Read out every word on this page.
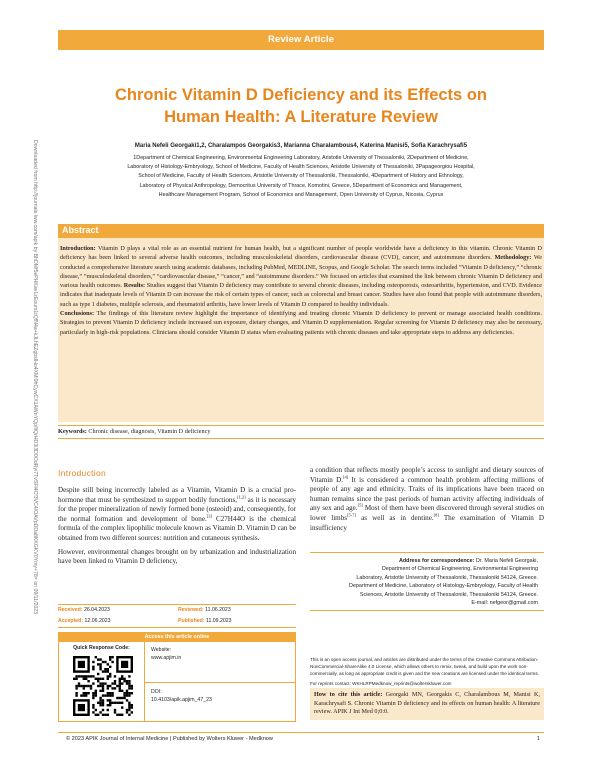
Downloaded from http://journals.lww.com/apik by BhDMf5ePHKav1zEoum1tQfN4a+kJLhEZgbsIHo4XMi0hCywCX1AWnYQp/IlQrHD3i3D0OdRyi7TvSFl4Cf3VC4/OAVpDDa8KKGKV0Ymy+78= on 09/11/2023
Review Article
Chronic Vitamin D Deficiency and its Effects on
Human Health: A Literature Review
Maria Nefeli Georgaki1,2, Charalampos Georgakis3, Marianna Charalambous4, Katerina Manisi5, Sofia Karachrysafi5
1Department of Chemical Engineering, Environmental Engineering Laboratory, Aristotle University of Thessaloniki, 2Department of Medicine,
Laboratory of Histology-Embryology, School of Medicine, Faculty of Health Sciences, Aristotle University of Thessaloniki, 3Papageorgiou Hospital,
School of Medicine, Faculty of Health Sciences, Aristotle University of Thessaloniki, Thessaloniki, 4Department of History and Ethnology,
Laboratory of Physical Anthropology, Democritus University of Thrace, Komotini, Greece, 5Department of Economics and Management,
Healthcare Management Program, School of Economics and Management, Open University of Cyprus, Nicosia, Cyprus
Abstract
Introduction: Vitamin D plays a vital role as an essential nutrient for human health, but a significant number of people worldwide have a deficiency in this vitamin. Chronic Vitamin D deficiency has been linked to several adverse health outcomes, including musculoskeletal disorders, cardiovascular disease (CVD), cancer, and autoimmune disorders. Methodology: We conducted a comprehensive literature search using academic databases, including PubMed, MEDLINE, Scopus, and Google Scholar. The search terms included “Vitamin D deficiency,” “chronic disease,” “musculoskeletal disorders,” “cardiovascular disease,” “cancer,” and “autoimmune disorders.” We focused on articles that examined the link between chronic Vitamin D deficiency and various health outcomes. Results: Studies suggest that Vitamin D deficiency may contribute to several chronic diseases, including osteoporosis, osteoarthritis, hypertension, and CVD. Evidence indicates that inadequate levels of Vitamin D can increase the risk of certain types of cancer, such as colorectal and breast cancer. Studies have also found that people with autoimmune disorders, such as type 1 diabetes, multiple sclerosis, and rheumatoid arthritis, have lower levels of Vitamin D compared to healthy individuals.
Conclusions: The findings of this literature review highlight the importance of identifying and treating chronic Vitamin D deficiency to prevent or manage associated health conditions. Strategies to prevent Vitamin D deficiency include increased sun exposure, dietary changes, and Vitamin D supplementation. Regular screening for Vitamin D deficiency may also be necessary, particularly in high-risk populations. Clinicians should consider Vitamin D status when evaluating patients with chronic diseases and take appropriate steps to address any deficiencies.
Keywords: Chronic disease, diagnosis, Vitamin D deficiency
Introduction

Despite still being incorrectly labeled as a Vitamin, Vitamin D is a crucial pro-hormone that must be synthesized to support bodily functions,[1,2] as it is necessary for the proper mineralization of newly formed bone (osteoid) and, consequently, for the normal formation and development of bone.[3] C27H44O is the chemical formula of the complex lipophilic molecule known as Vitamin D. Vitamin D can be obtained from two different sources: nutrition and cutaneous synthesis.

However, environmental changes brought on by urbanization and industrialization have been linked to Vitamin D deficiency,

a condition that reflects mostly people’s access to sunlight and dietary sources of Vitamin D.[4] It is considered a common health problem affecting millions of people of any age and ethnicity. Traits of its implications have been traced on human remains since the past periods of human activity affecting individuals of any sex and age.[5] Most of them have been discovered through several studies on lower limbs[5-7] as well as in dentine.[8] The examination of Vitamin D insufficiency

Address for correspondence: Dr. Maria Nefeli Georgaki,
Department of Chemical Engineering, Environmental Engineering
Laboratory, Aristotle University of Thessaloniki, Thessaloniki 54124, Greece.
Department of Medicine, Laboratory of Histology-Embryology, Faculty of Health
Sciences, Aristotle University of Thessaloniki, Thessaloniki 54124, Greece.
E-mail: nefgeor@gmail.com
Received: 26.04.2023	Reviewed: 11.06.2023
Accepted: 12.06.2023	Published: 11.09.2023
Access this article online
Quick Response Code:	Website:
www.apjim.in
DOI:
10.4103/apik.apjim_47_23
This is an open access journal, and articles are distributed under the terms of the Creative Commons Attribution-NonCommercial-ShareAlike 4.0 License, which allows others to remix, tweak, and build upon the work non-commercially, as long as appropriate credit is given and the new creations are licensed under the identical terms.
For reprints contact: WKHLRPMedknow_reprints@wolterskluwer.com
How to cite this article: Georgaki MN, Georgakis C, Charalambous M, Manisi K, Karachrysafi S. Chronic Vitamin D deficiency and its effects on human health: A literature review. APIK J Int Med 0;0:0.
© 2023 APIK Journal of Internal Medicine | Published by Wolters Kluwer - Medknow	1
